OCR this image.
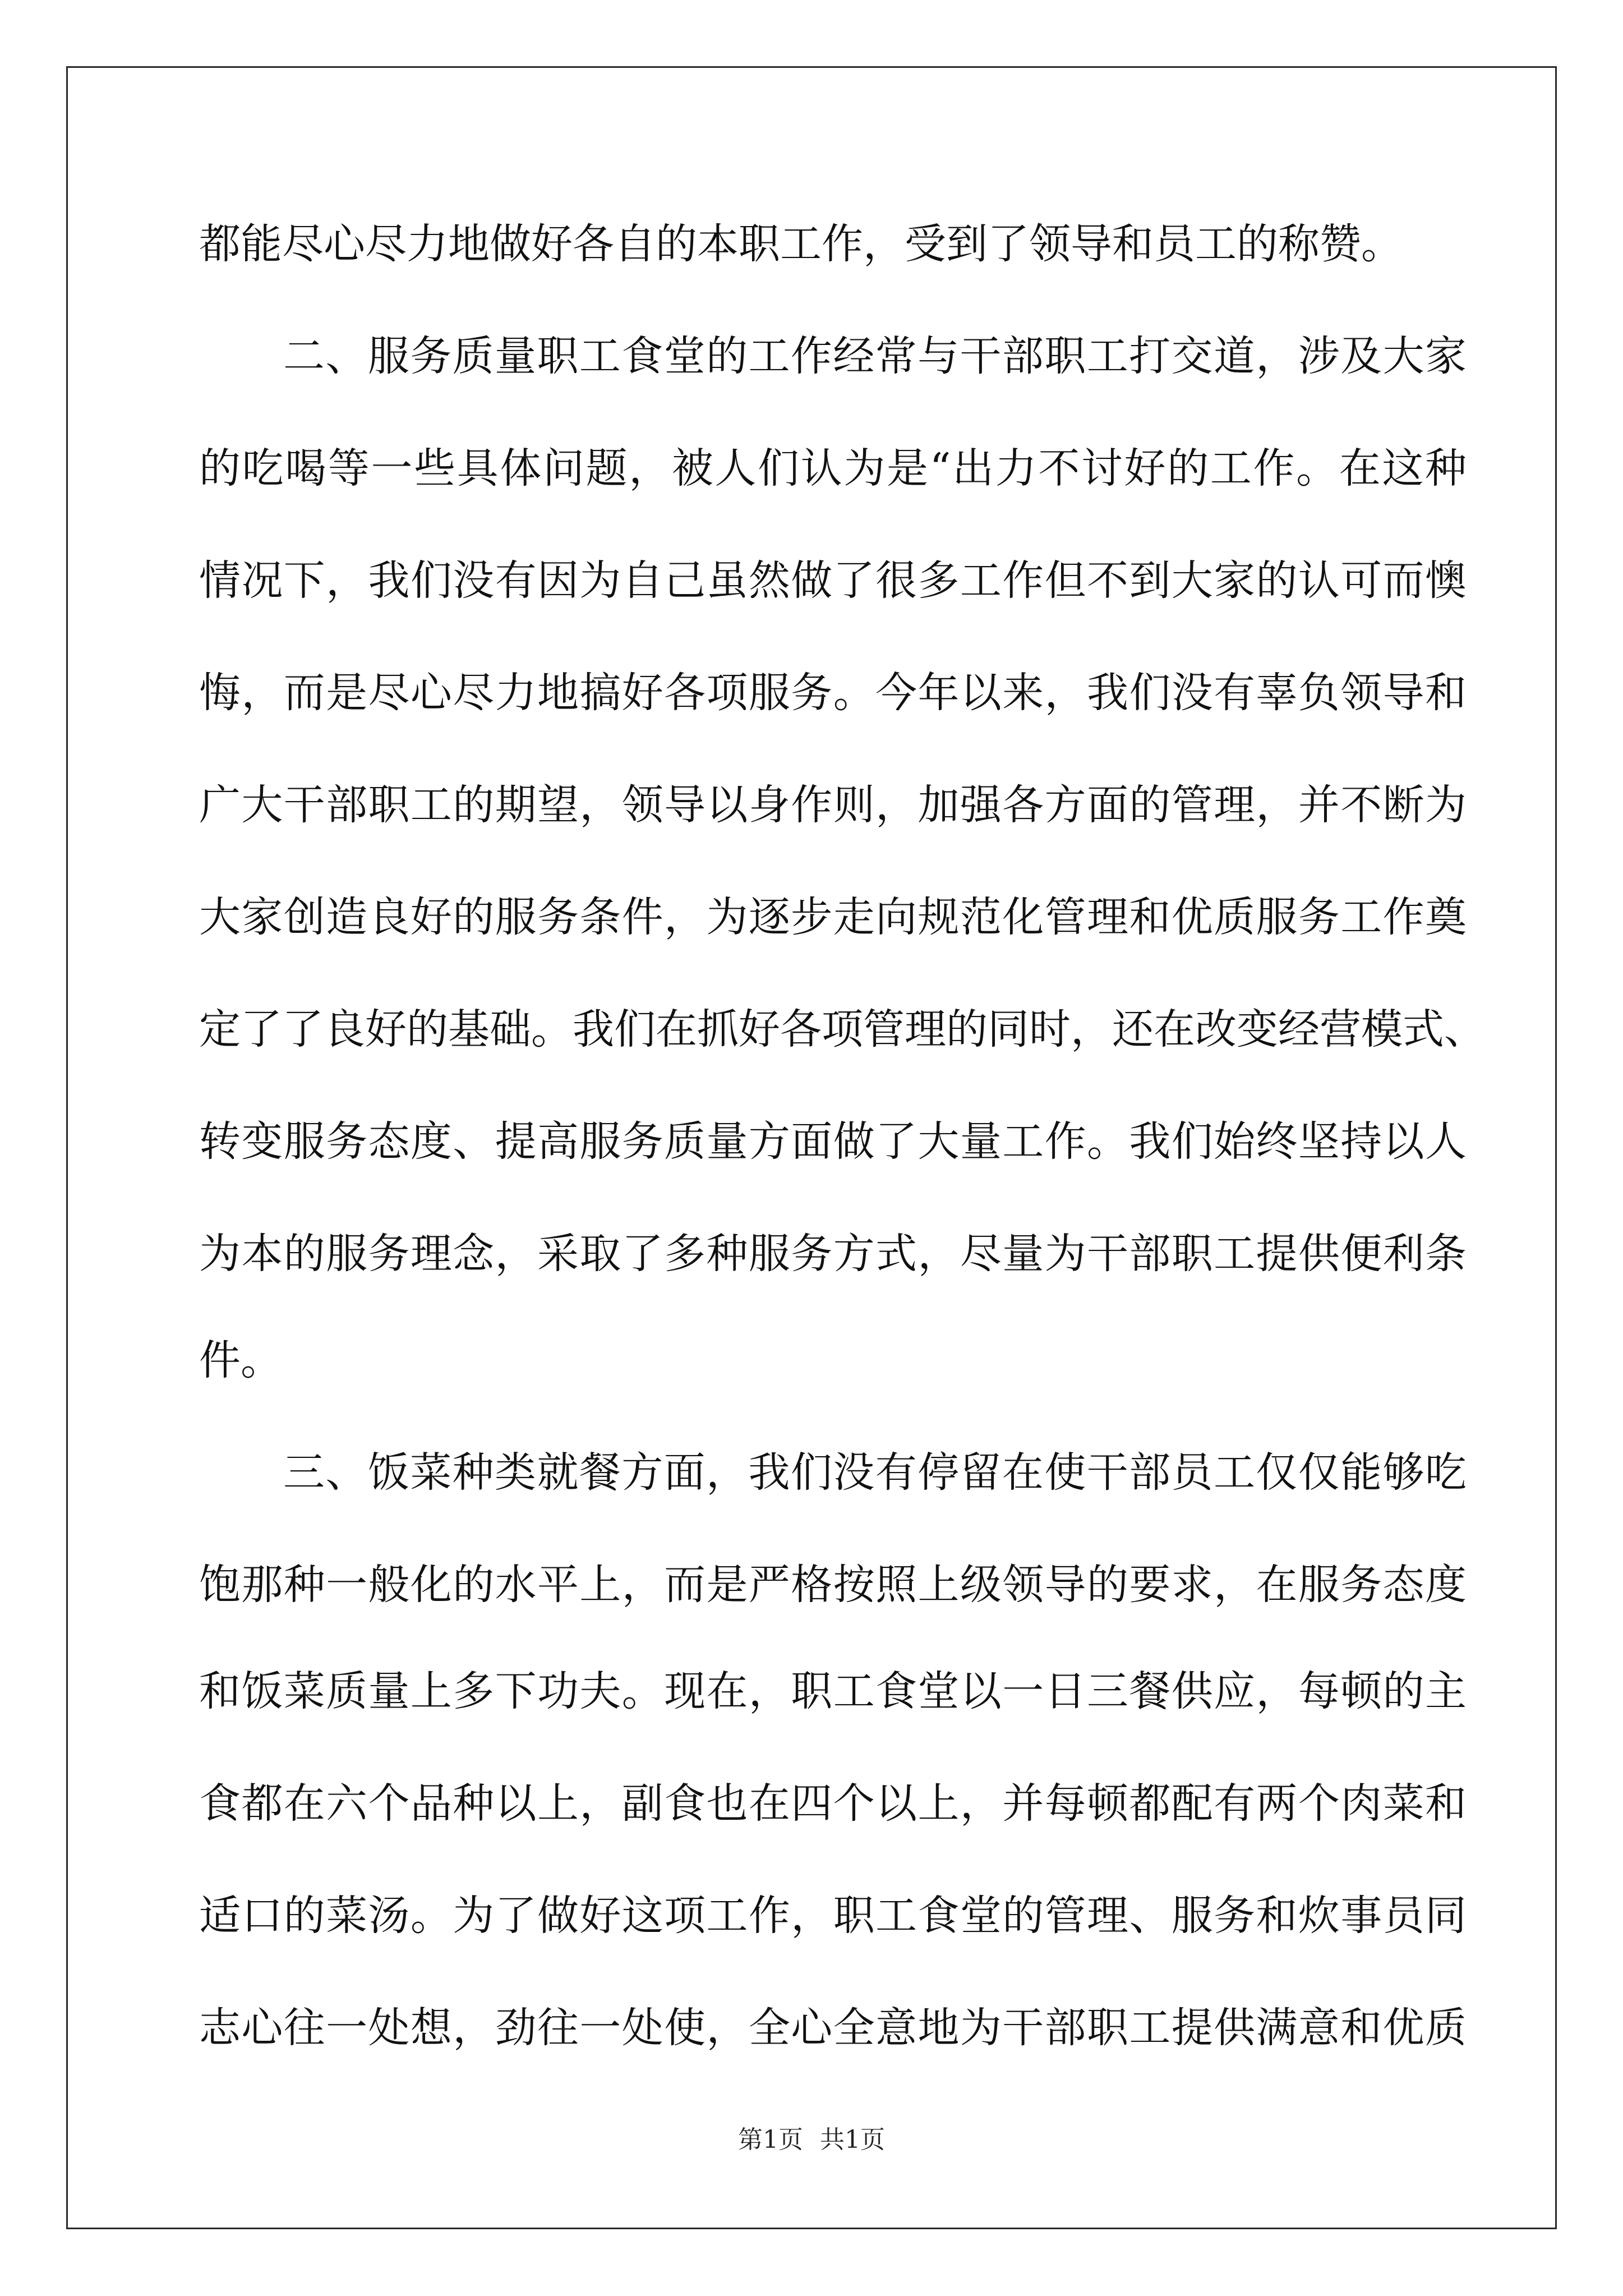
都能尽心尽力地做好各自的本职工作，受到了领导和员工的称赞。
二、服务质量职工食堂的工作经常与干部职工打交道，涉及大家
的吃喝等一些具体问题，被人们认为是“出力不讨好的工作。在这种
情况下，我们没有因为自己虽然做了很多工作但不到大家的认可而懊
悔，而是尽心尽力地搞好各项服务。今年以来，我们没有辜负领导和
广大干部职工的期望，领导以身作则，加强各方面的管理，并不断为
大家创造良好的服务条件，为逐步走向规范化管理和优质服务工作奠
定了了良好的基础。我们在抓好各项管理的同时，还在改变经营模式、
转变服务态度、提高服务质量方面做了大量工作。我们始终坚持以人
为本的服务理念，采取了多种服务方式，尽量为干部职工提供便利条
件。
三、饭菜种类就餐方面，我们没有停留在使干部员工仅仅能够吃
饱那种一般化的水平上，而是严格按照上级领导的要求，在服务态度
和饭菜质量上多下功夫。现在，职工食堂以一日三餐供应，每顿的主
食都在六个品种以上，副食也在四个以上，并每顿都配有两个肉菜和
适口的菜汤。为了做好这项工作，职工食堂的管理、服务和炊事员同
志心往一处想，劲往一处使，全心全意地为干部职工提供满意和优质
第1页 共1页
